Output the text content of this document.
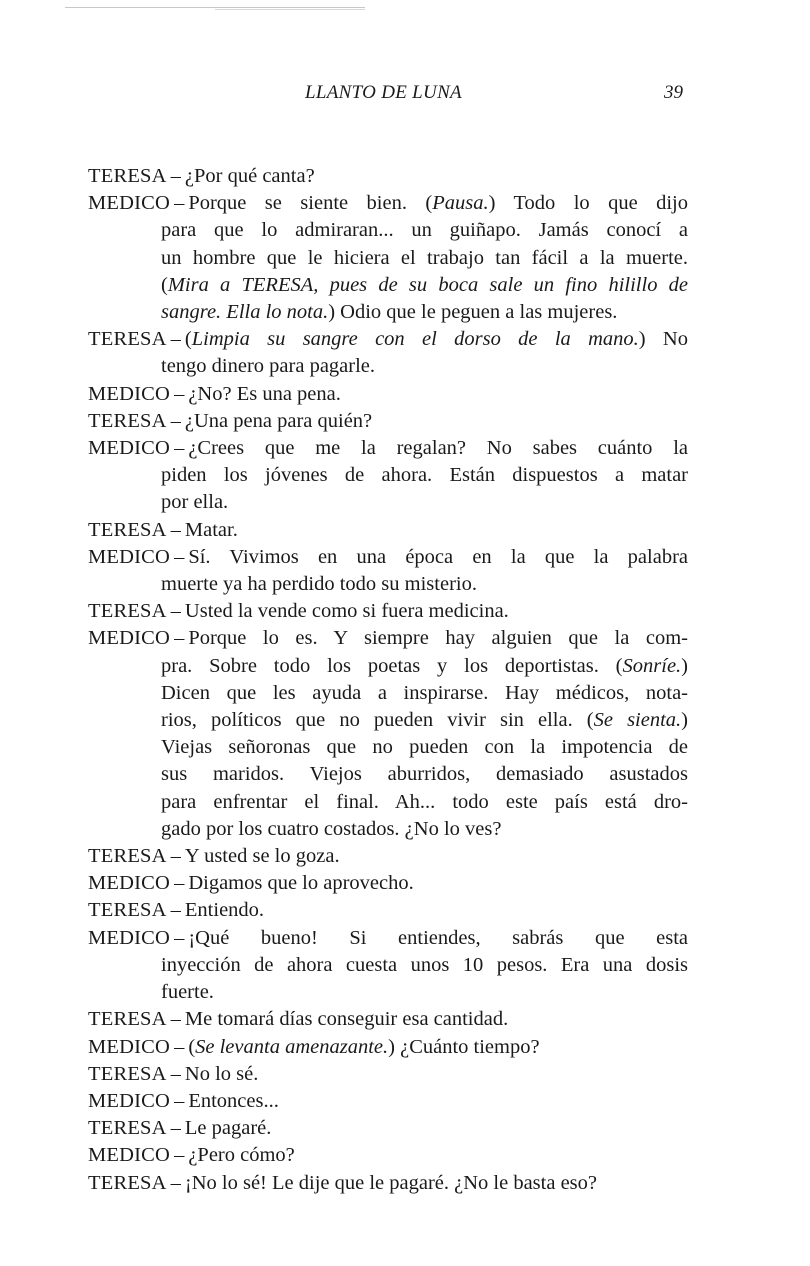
LLANTO DE LUNA	39
TERESA – ¿Por qué canta?
MEDICO – Porque se siente bien. (Pausa.) Todo lo que dijo
para que lo admiraran... un guiñapo. Jamás conocí a
un hombre que le hiciera el trabajo tan fácil a la muerte.
(Mira a TERESA, pues de su boca sale un fino hilillo de
sangre. Ella lo nota.) Odio que le peguen a las mujeres.
TERESA – (Limpia su sangre con el dorso de la mano.) No
tengo dinero para pagarle.
MEDICO – ¿No? Es una pena.
TERESA – ¿Una pena para quién?
MEDICO – ¿Crees que me la regalan? No sabes cuánto la
piden los jóvenes de ahora. Están dispuestos a matar
por ella.
TERESA – Matar.
MEDICO – Sí. Vivimos en una época en la que la palabra
muerte ya ha perdido todo su misterio.
TERESA – Usted la vende como si fuera medicina.
MEDICO – Porque lo es. Y siempre hay alguien que la com-
pra. Sobre todo los poetas y los deportistas. (Sonríe.)
Dicen que les ayuda a inspirarse. Hay médicos, nota-
rios, políticos que no pueden vivir sin ella. (Se sienta.)
Viejas señoronas que no pueden con la impotencia de
sus maridos. Viejos aburridos, demasiado asustados
para enfrentar el final. Ah... todo este país está dro-
gado por los cuatro costados. ¿No lo ves?
TERESA – Y usted se lo goza.
MEDICO – Digamos que lo aprovecho.
TERESA – Entiendo.
MEDICO – ¡Qué bueno! Si entiendes, sabrás que esta
inyección de ahora cuesta unos 10 pesos. Era una dosis
fuerte.
TERESA – Me tomará días conseguir esa cantidad.
MEDICO – (Se levanta amenazante.) ¿Cuánto tiempo?
TERESA – No lo sé.
MEDICO – Entonces...
TERESA – Le pagaré.
MEDICO – ¿Pero cómo?
TERESA – ¡No lo sé! Le dije que le pagaré. ¿No le basta eso?
